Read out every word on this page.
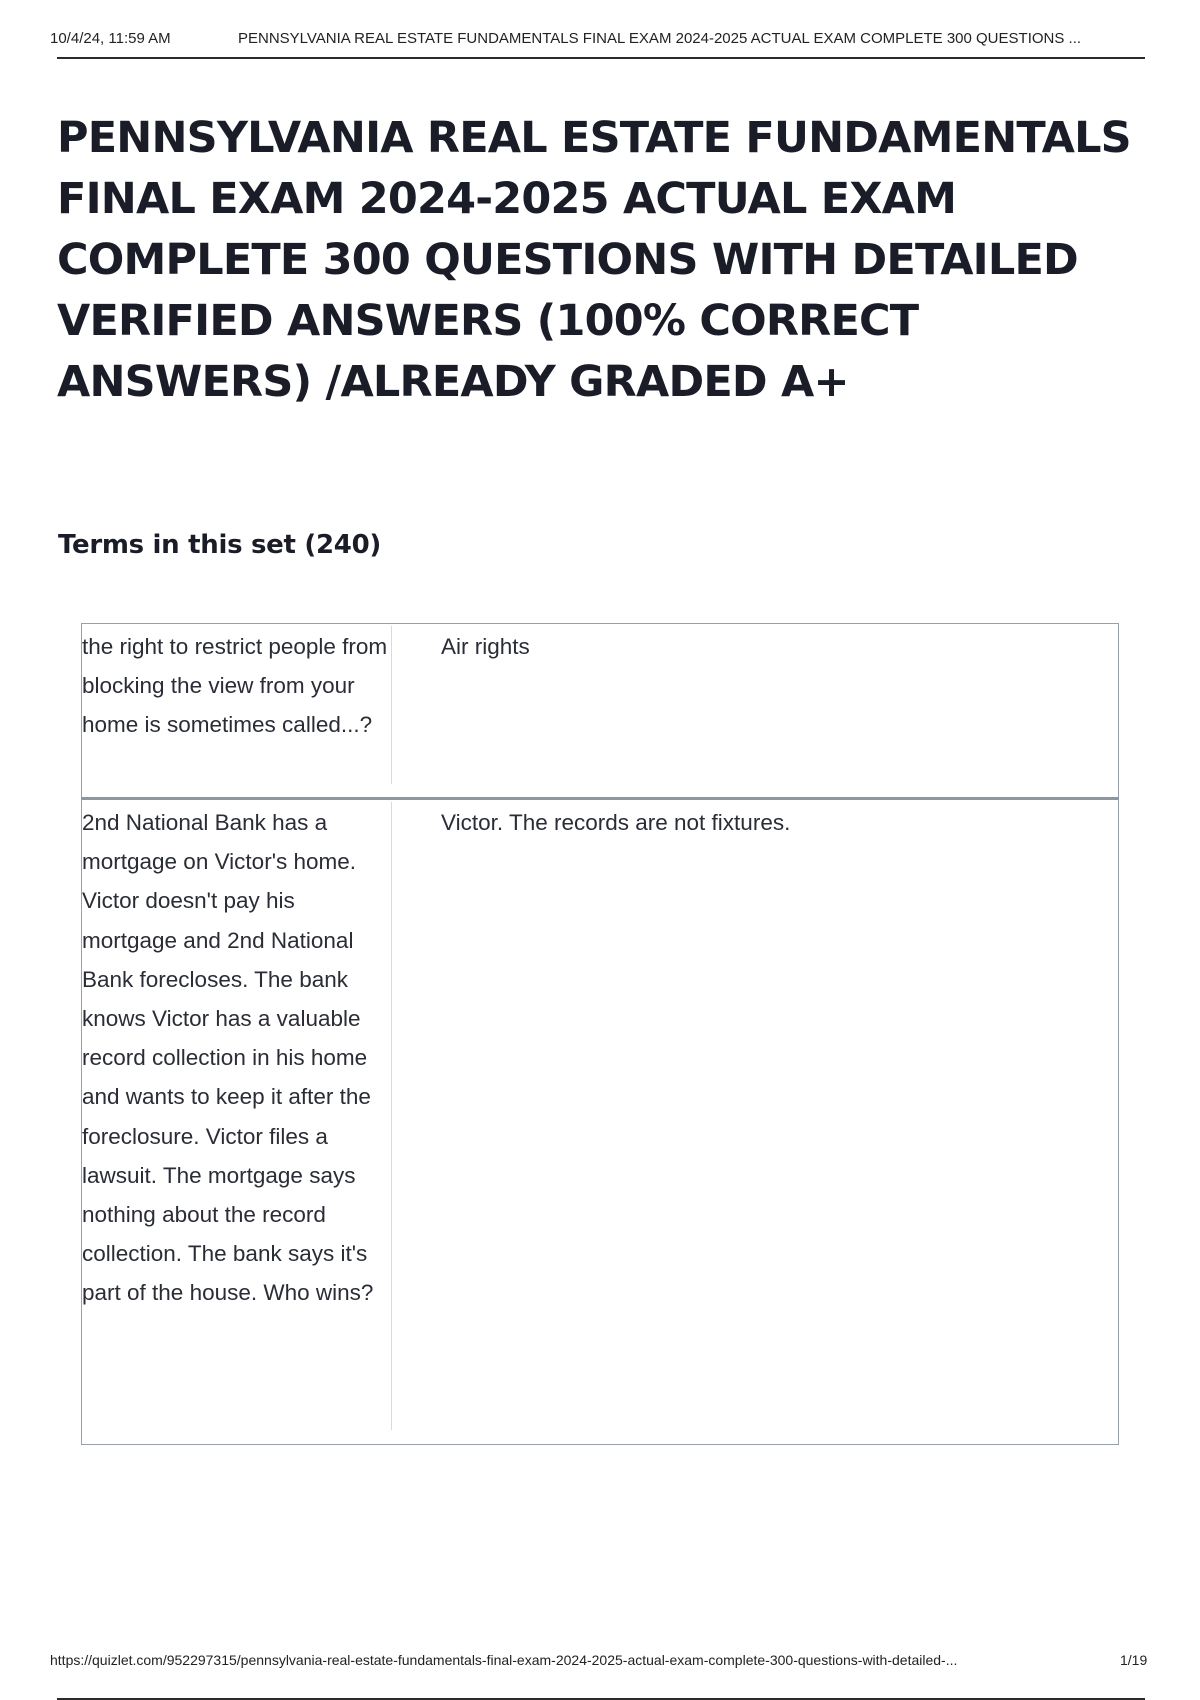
10/4/24, 11:59 AM	PENNSYLVANIA REAL ESTATE FUNDAMENTALS FINAL EXAM 2024-2025 ACTUAL EXAM COMPLETE 300 QUESTIONS ...
PENNSYLVANIA REAL ESTATE FUNDAMENTALS FINAL EXAM 2024-2025 ACTUAL EXAM COMPLETE 300 QUESTIONS WITH DETAILED VERIFIED ANSWERS (100% CORRECT ANSWERS) /ALREADY GRADED A+
Terms in this set (240)
the right to restrict people from blocking the view from your home is sometimes called...?
Air rights
2nd National Bank has a mortgage on Victor's home. Victor doesn't pay his mortgage and 2nd National Bank forecloses. The bank knows Victor has a valuable record collection in his home and wants to keep it after the foreclosure. Victor files a lawsuit. The mortgage says nothing about the record collection. The bank says it's part of the house. Who wins?
Victor. The records are not fixtures.
https://quizlet.com/952297315/pennsylvania-real-estate-fundamentals-final-exam-2024-2025-actual-exam-complete-300-questions-with-detailed-...	1/19
